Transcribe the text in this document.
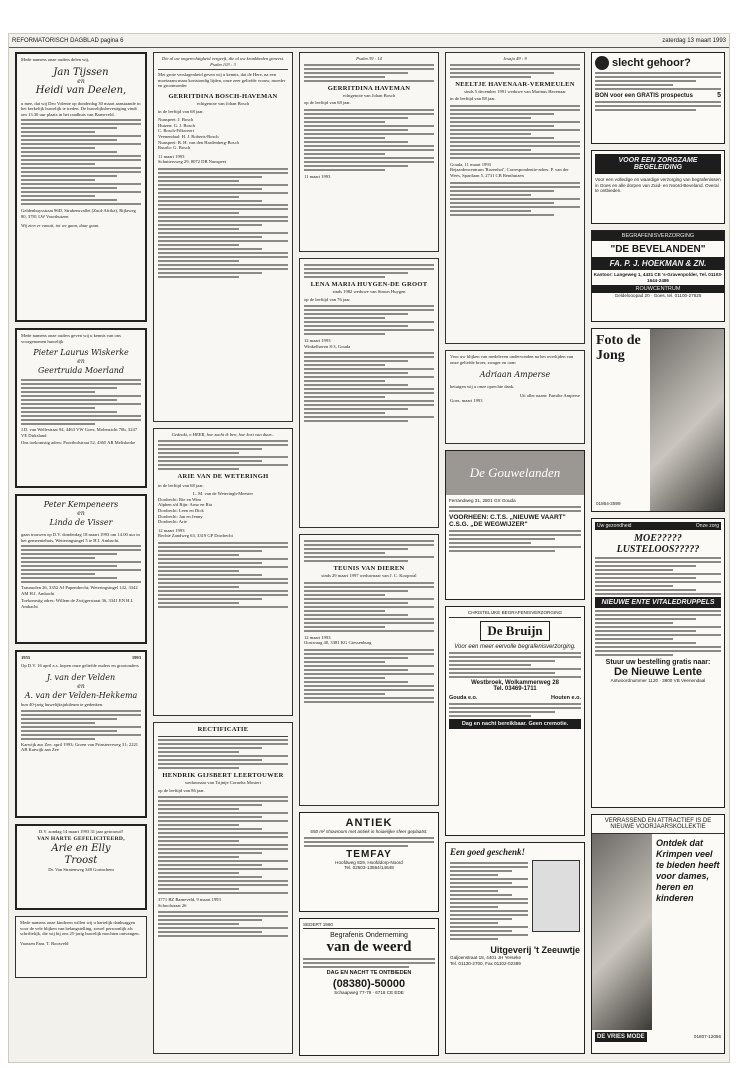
REFORMATORISCH DAGBLAD pagina 6	zaterdag 13 maart 1993
Mede namens onze ouders delen wij,
Jan Tijssen
en
Heidi van Deelen,
u mee, dat wij Deo Volente op donderdag 30 maart aanstaande in het kerkelijk huwelijk te treden. De huwelijksbevestiging vindt om 13.30 uur plaats in het raadhuis van Barneveld.
Geldenhuysstraat 96D, Strubensvallei (Zuid-Afrika), Rijlaweg 80, 3781 LW Voorthuizen
Wij zien er vanuit, tot we gaan, daar gaan.
Mede namens onze ouders geven wij u kennis van ons voorgenomen huwelijk
Pieter Laurus Wiskerke
en
Geertruida Moerland
J.D. van Wellestraat 94, 4463 VW Goes; Molenzicht 70b, 3247 VE Dirksland
Ons toekomstig adres: Poortbolstraat 52, 4365 AR Meliskerke
Peter Kempeneers
en
Linda de Visser
gaan trouwen op D.V. donderdag 18 maart 1993 om 14.00 uur in het gemeentehuis, Wetteringsingel 5 te H.I. Ambacht.
Traumolen 26, 3352 AJ Papendrecht; Weteringsingel 142, 3342 AM H.I. Ambacht
Toekomstig adres: Willem de Zwijgerstraat 36, 3341 EN H.I. Ambacht
1955	1993
Op D.V. 16 april a.s. hopen onze geliefde ouders en grootouders
J. van der Velden
en
A. van der Velden-Hekkema
hun 40-jarig huwelijksjubileum te gedenken.
Karwijk aus Zee, april 1993; Groen van Prinstererweg 31; 2221 AB Katwijk aan Zee
D.V. zondag 14 maart 1993 31 jaar getrouwd!
VAN HARTE GEFELICITEERD,
Arie en Elly
Troost
Dr. Van Stratenweg 349 Gorinchem
Mede namens onze kinderen willen wij u hartelijk danksaggen voor de vele blijken van belangstelling, zowel persoonlijk als schriftelijk, die wij bij ons 25-jarig huwelijk mochten ontvangen.
Vaassen Fam. T. Roosveld
Die al uw ongerechtigheid vergeeft, die al uw krankheden geneest. Psalm 103 : 3
Met grote verslagenheid geven wij u kennis, dat de Here, na een moeizaam maar kortstondig lijden, onze zeer geliefde vrouw, moeder en grootmoeder
GERRITDINA BOSCH-HAVEMAN
echtgenote van Johan Bosch
in de leeftijd van 68 jaar.
Nunspeet: J. Bosch
Huizen: G. J. Bosch
C. Bosch-Filkweert
Veenendaal: H. J. Roberts-Bosch
Nunspeet: B. H. van den Hardenberg-Bosch
Ruurlo: G. Bosch
11 maart 1993
Schuttersweg 29, 8072 DB Nunspeet
Gedenkt, o HEER, hoe zacht ik ben, hoe kort van duur...
ARIE VAN DE WETERINGH
in de leeftijd van 68 jaar.
L. M. van de Weteringh-Meester
Dordrecht: Rie en Wim
Alphen a/d Rijn: Arno en Ria
Dordrecht: Leen en Dick
Dordrecht: Jan en Jenny
Dordrecht: Arie
12 maart 1993
Rechte Zandweg 63, 3319 GP Dordrecht
RECTIFICATIE
HENDRIK GIJSBERT LEERTOUWER
weduwnaar van Trijntje Cornelia Mostert
op de leeftijd van 86 jaar.
3771 BZ Barneveld, 9 maart 1993
Schoolstraat 26
Psalm 39 : 14
GERRITDINA HAVEMAN
echtgenote van Johan Bosch
op de leeftijd van 68 jaar.
11 maart 1993
LENA MARIA HUYGEN-DE GROOT
sinds 1982 weduwe van Simon Huygen
op de leeftijd van 76 jaar.
12 maart 1993
Winkelhaven 8-3, Gouda
TEUNIS VAN DIEREN
sinds 29 maart 1997 weduwnaar van J. C. Kooproal
12 maart 1993
Oostwaag 40, 3381 KG Giessenburg
ANTIEK
650 m² showroom met antiek in hoiaeiijke sfeer geplaatst.
TEMFAY
Hoofdweg 829, Hoofddorp-Noord
Tel. 02503-13564/14648
SEDERT 1960
Begrafenis Onderneming
van de weerd
DAG EN NACHT TE ONTBIEDEN
(08380)-50000
Schaapweg 77-79 · 6718 CE EDE
Jesaja 49 : 9
NEELTJE HAVENAAR-VERMEULEN
sinds 5 december 1991 weduwe van Marinus Havenaar
in de leeftijd van 88 jaar.
Gouda, 11 maart 1993
Bejaardencentrum 'Rozenhof', Correspondentie-adres: P. van der Wees, Spartlaan 5, 2731 CB Benthuizen
Voor uw blijken van medeleven ondervonden na het overlijden van onze geliefde broer, zwager en oom
Adriaan Amperse
betuigen wij u onze oprechte dank.
Uit aller naam: Familie Amperse
Goes, maart 1993
De Gouwelanden
Ferrandweg 31, 2801 GX Gouda
VOORHEEN: C.T.S. „NIEUWE VAART"
C.S.G. „DE WEGWIJZER"
CHRISTELIJKE BEGRAFENISVERZORGING
De Bruijn
Voor een meer eervolle begrafenisverzorging.
Westbroek, Wolkammerweg 28
Tel. 03469-1711
Gouda e.o.	Houten e.o.
Dag en nacht bereikbaar. Geen cremotie.
Een goed geschenk!
Uitgeverij 't Zeeuwtje
Galjoenstraat 18, 4401 JH Yerseke
Tel. 01130-2700, Fax 01102-02389
slecht gehoor?
BON voor een GRATIS prospectus	5
VOOR EEN ZORGZAME BEGELEIDING
Voor een volledige en waardige verzorging van begrafenissen in Goes en alle dorpen van Zuid- en Noord-Beveland. Overal te ontbieden.
BEGRAFENISVERZORGING
"DE BEVELANDEN"
FA. P. J. HOEKMAN & ZN.
Kantoor: Langeweg 1, 4431 CE 's-Gravenpolder, Tel. 01103-1644-2486
ROUWCENTRUM
Geldelooopad 20 · Goes, tel. 01100-27625
Foto de Jong
01864-2599
Uw gezondheid	Onze zorg
MOE????? LUSTELOOS?????
NIEUWE ENTE VITALEDRUPPELS
Stuur uw bestelling gratis naar:
De Nieuwe Lente
Antwoordnummer 1120 · 3900 VB Veenendaal
VERRASSEND EN ATTRACTIEF IS DE NIEUWE VOORJAARSKOLLEKTIE
Ontdek dat Krimpen veel te bieden heeft voor dames, heren en kinderen
DE VRIES MODE	01807-12056
